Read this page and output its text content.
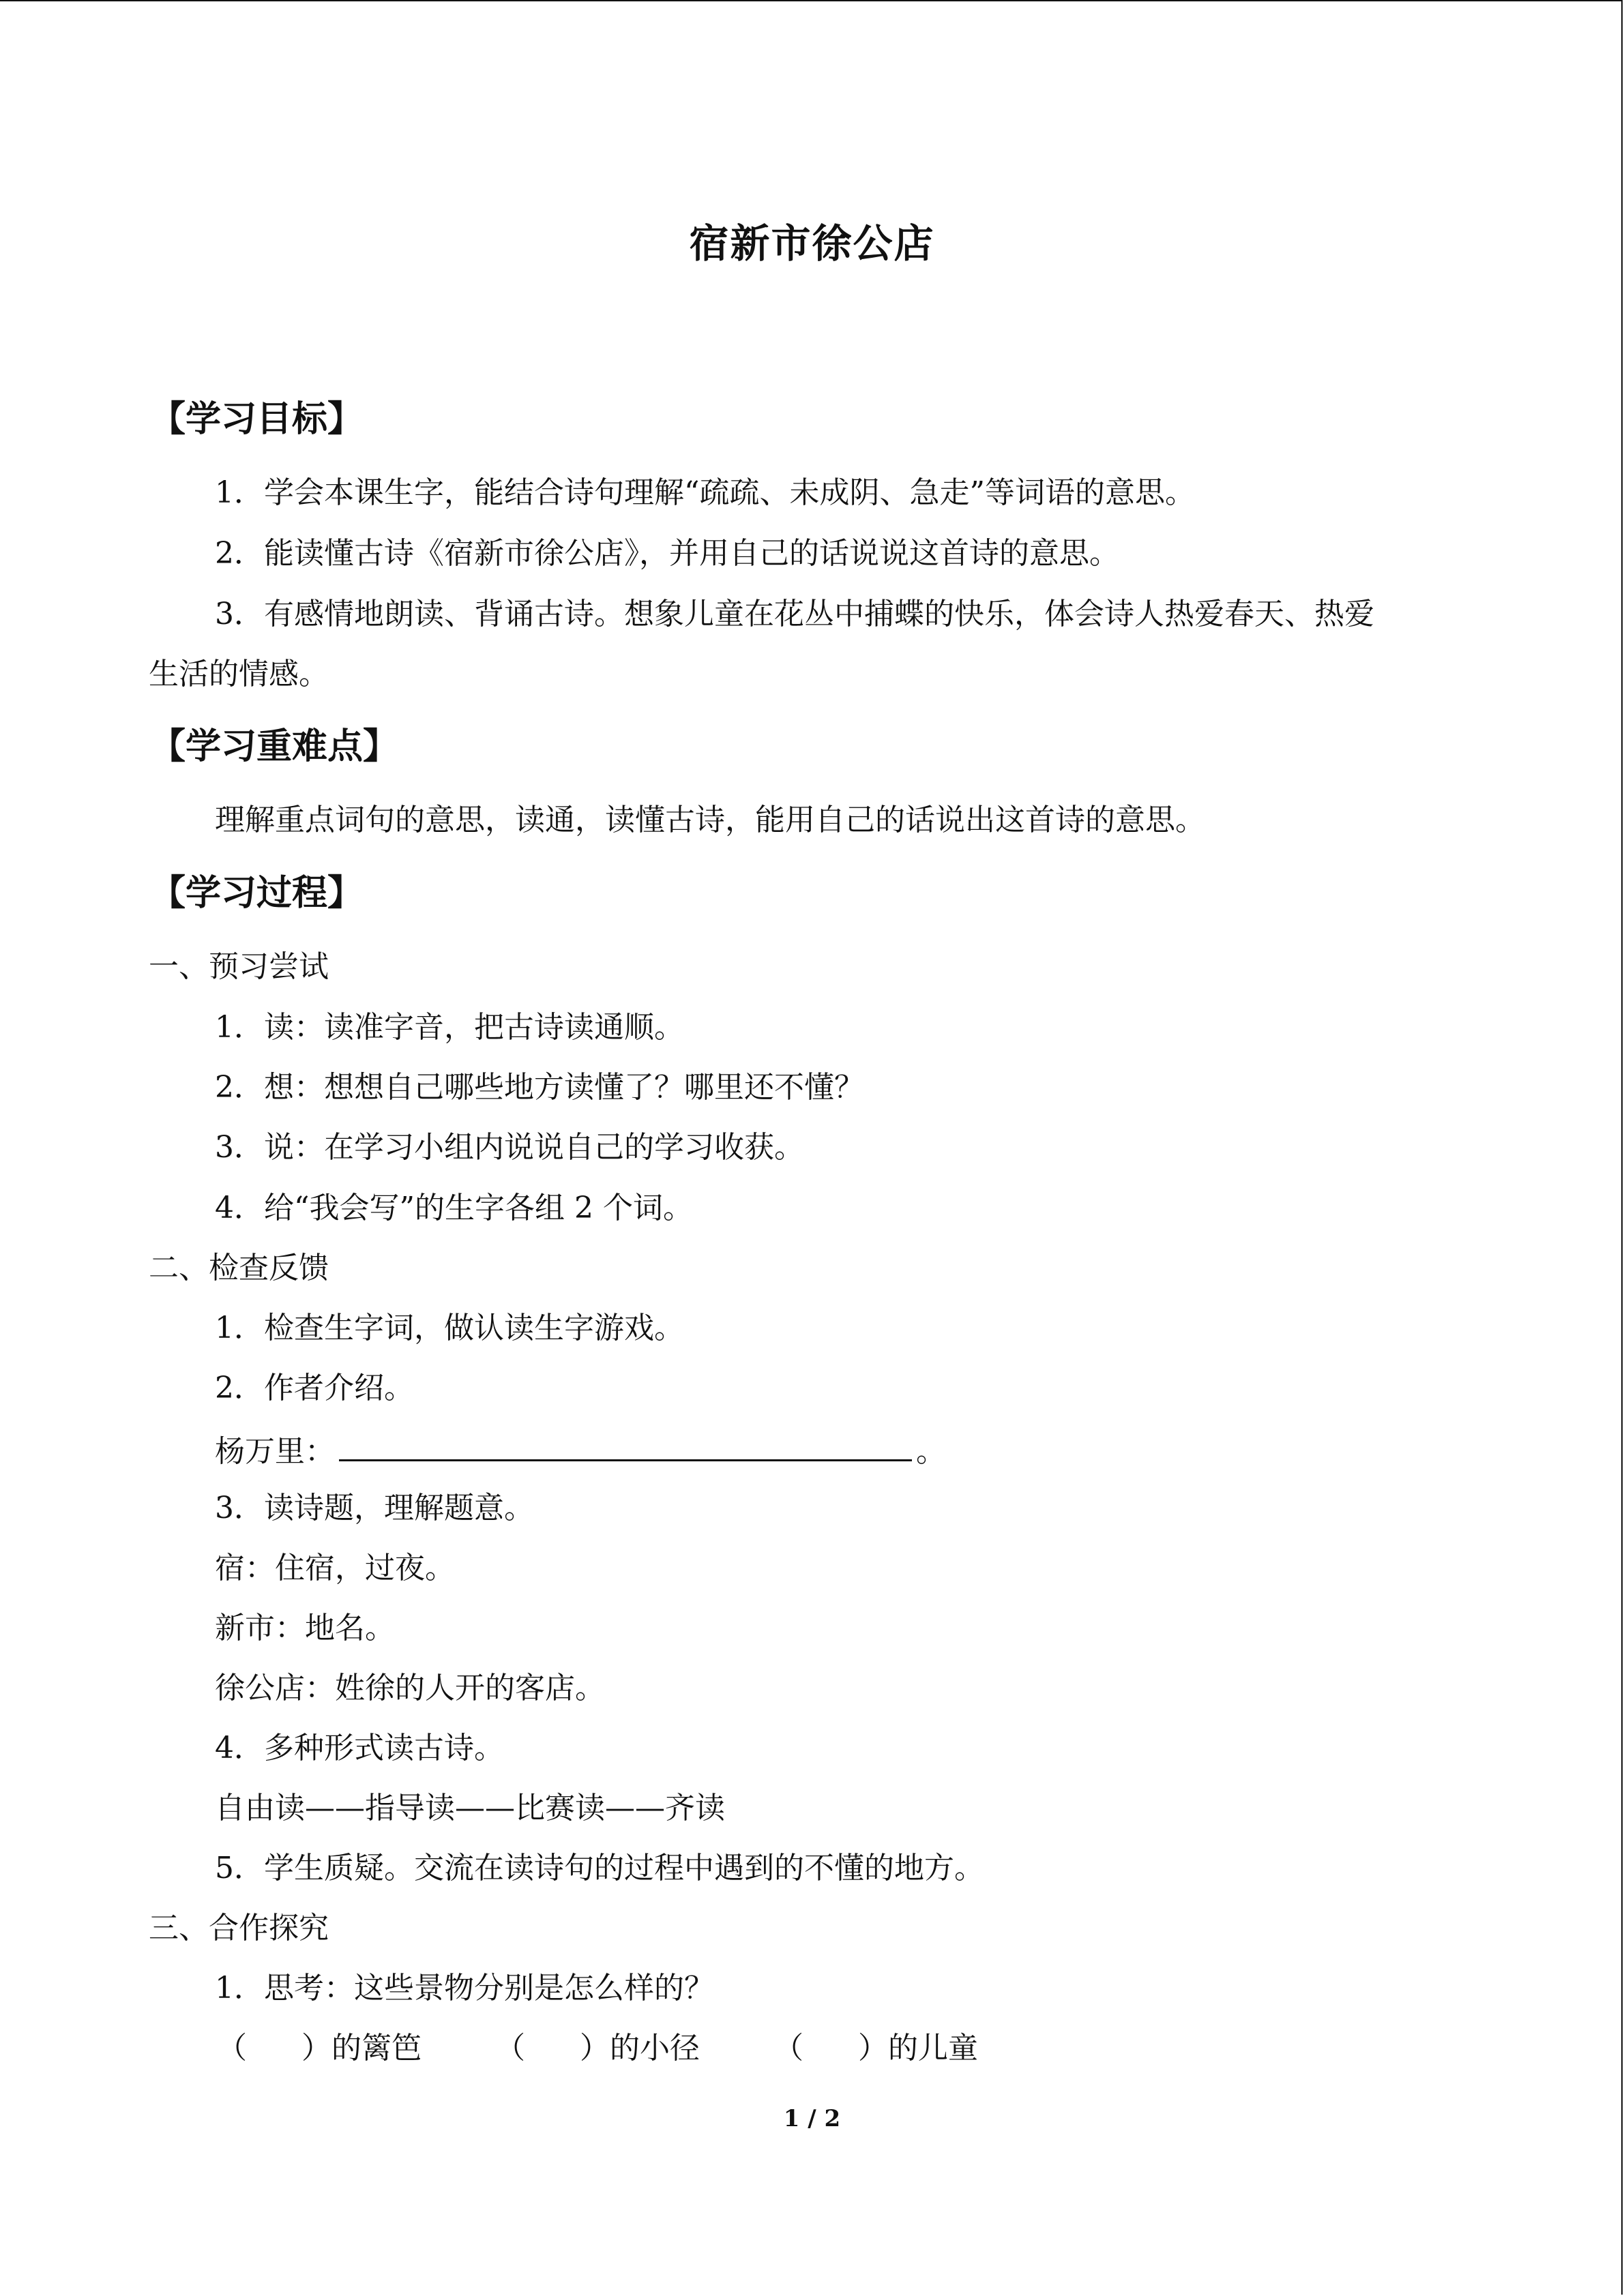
宿新市徐公店
【学习目标】
1．学会本课生字，能结合诗句理解“疏疏、未成阴、急走”等词语的意思。
2．能读懂古诗《宿新市徐公店》，并用自己的话说说这首诗的意思。
3．有感情地朗读、背诵古诗。想象儿童在花丛中捕蝶的快乐，体会诗人热爱春天、热爱
生活的情感。
【学习重难点】
理解重点词句的意思，读通，读懂古诗，能用自己的话说出这首诗的意思。
【学习过程】
一、预习尝试
1．读：读准字音，把古诗读通顺。
2．想：想想自己哪些地方读懂了？哪里还不懂？
3．说：在学习小组内说说自己的学习收获。
4．给“我会写”的生字各组 2 个词。
二、检查反馈
1．检查生字词，做认读生字游戏。
2．作者介绍。
杨万里：	。
3．读诗题，理解题意。
宿：住宿，过夜。
新市：地名。
徐公店：姓徐的人开的客店。
4．多种形式读古诗。
自由读——指导读——比赛读——齐读
5．学生质疑。交流在读诗句的过程中遇到的不懂的地方。
三、合作探究
1．思考：这些景物分别是怎么样的？
（ ）的篱笆 （ ）的小径 （ ）的儿童
1 / 2
